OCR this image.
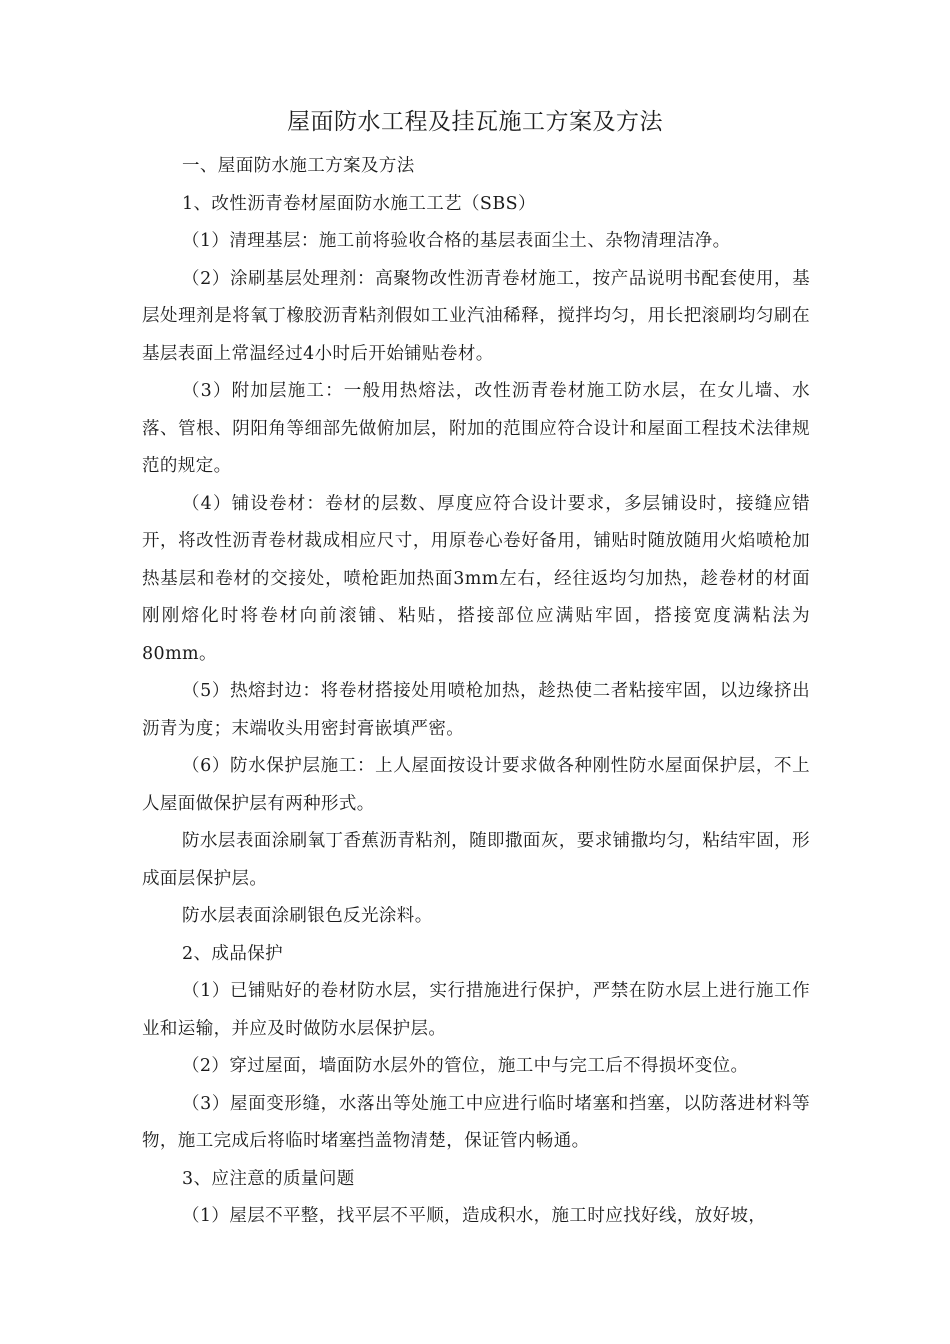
屋面防水工程及挂瓦施工方案及方法

一、屋面防水施工方案及方法

1、改性沥青卷材屋面防水施工工艺（SBS）

（1）清理基层：施工前将验收合格的基层表面尘土、杂物清理洁净。

（2）涂刷基层处理剂：高聚物改性沥青卷材施工，按产品说明书配套使用，基层处理剂是将氧丁橡胶沥青粘剂假如工业汽油稀释，搅拌均匀，用长把滚刷均匀刷在基层表面上常温经过4小时后开始铺贴卷材。

（3）附加层施工：一般用热熔法，改性沥青卷材施工防水层，在女儿墙、水落、管根、阴阳角等细部先做俯加层，附加的范围应符合设计和屋面工程技术法律规范的规定。

（4）铺设卷材：卷材的层数、厚度应符合设计要求，多层铺设时，接缝应错开，将改性沥青卷材裁成相应尺寸，用原卷心卷好备用，铺贴时随放随用火焰喷枪加热基层和卷材的交接处，喷枪距加热面3mm左右，经往返均匀加热，趁卷材的材面刚刚熔化时将卷材向前滚铺、粘贴，搭接部位应满贴牢固，搭接宽度满粘法为80mm。

（5）热熔封边：将卷材搭接处用喷枪加热，趁热使二者粘接牢固，以边缘挤出沥青为度；末端收头用密封膏嵌填严密。

（6）防水保护层施工：上人屋面按设计要求做各种刚性防水屋面保护层，不上人屋面做保护层有两种形式。

防水层表面涂刷氧丁香蕉沥青粘剂，随即撒面灰，要求铺撒均匀，粘结牢固，形成面层保护层。

防水层表面涂刷银色反光涂料。

2、成品保护

（1）已铺贴好的卷材防水层，实行措施进行保护，严禁在防水层上进行施工作业和运输，并应及时做防水层保护层。

（2）穿过屋面，墙面防水层外的管位，施工中与完工后不得损坏变位。

（3）屋面变形缝，水落出等处施工中应进行临时堵塞和挡塞，以防落进材料等物，施工完成后将临时堵塞挡盖物清楚，保证管内畅通。

3、应注意的质量问题

（1）屋层不平整，找平层不平顺，造成积水，施工时应找好线，放好坡，
